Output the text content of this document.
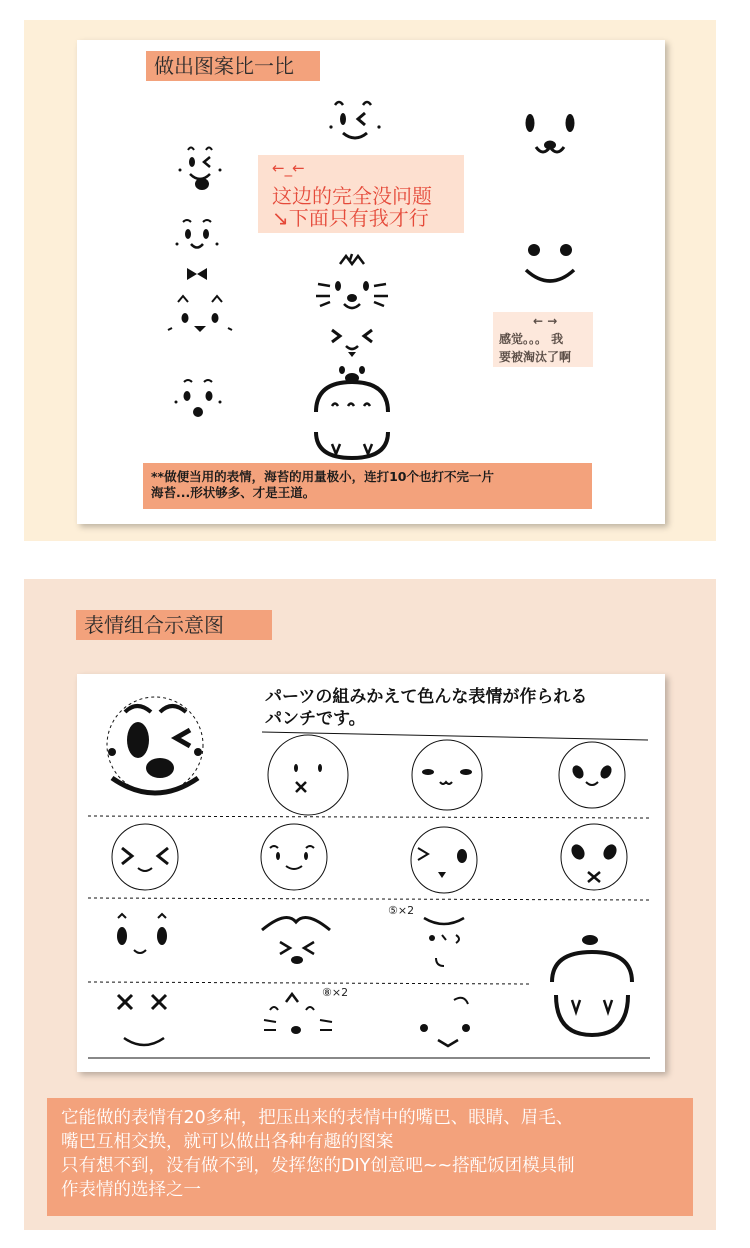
做出图案比一比
←_←
这边的完全没问题
↘下面只有我才行
← →
感觉。。。 我
要被淘汰了啊
**做便当用的表情，海苔的用量极小，连打10个也打不完一片
海苔...形状够多、才是王道。
表情组合示意图
パーツの組みかえて色んな表情が作られる
パンチです。
⑤×2
⑧×2
它能做的表情有20多种，把压出来的表情中的嘴巴、眼睛、眉毛、
嘴巴互相交换，就可以做出各种有趣的图案
只有想不到，没有做不到，发挥您的DIY创意吧~~搭配饭团模具制
作表情的选择之一
